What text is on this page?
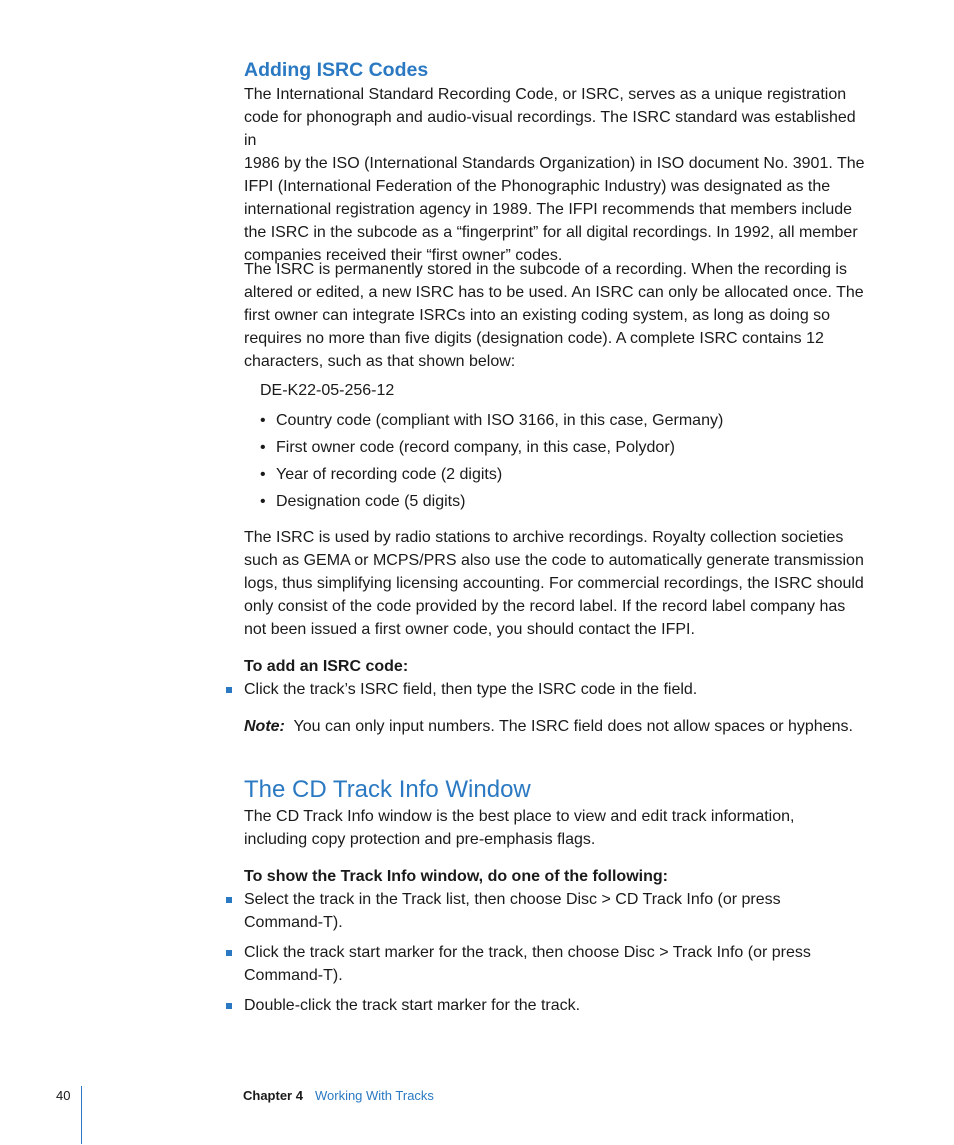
Adding ISRC Codes

The International Standard Recording Code, or ISRC, serves as a unique registration

code for phonograph and audio-visual recordings. The ISRC standard was established in

1986 by the ISO (International Standards Organization) in ISO document No. 3901. The

IFPI (International Federation of the Phonographic Industry) was designated as the

international registration agency in 1989. The IFPI recommends that members include

the ISRC in the subcode as a “fingerprint” for all digital recordings. In 1992, all member

companies received their “first owner” codes.

The ISRC is permanently stored in the subcode of a recording. When the recording is

altered or edited, a new ISRC has to be used. An ISRC can only be allocated once. The

first owner can integrate ISRCs into an existing coding system, as long as doing so

requires no more than five digits (designation code). A complete ISRC contains 12

characters, such as that shown below:

DE-K22-05-256-12
• Country code (compliant with ISO 3166, in this case, Germany)
• First owner code (record company, in this case, Polydor)
• Year of recording code (2 digits)
• Designation code (5 digits)

The ISRC is used by radio stations to archive recordings. Royalty collection societies

such as GEMA or MCPS/PRS also use the code to automatically generate transmission

logs, thus simplifying licensing accounting. For commercial recordings, the ISRC should

only consist of the code provided by the record label. If the record label company has

not been issued a first owner code, you should contact the IFPI.

To add an ISRC code:

Click the track’s ISRC field, then type the ISRC code in the field.

Note: You can only input numbers. The ISRC field does not allow spaces or hyphens.

The CD Track Info Window

The CD Track Info window is the best place to view and edit track information,

including copy protection and pre-emphasis flags.

To show the Track Info window, do one of the following:

Select the track in the Track list, then choose Disc > CD Track Info (or press
Command-T).
Click the track start marker for the track, then choose Disc > Track Info (or press
Command-T).
Double-click the track start marker for the track.
40	Chapter 4 Working With Tracks
